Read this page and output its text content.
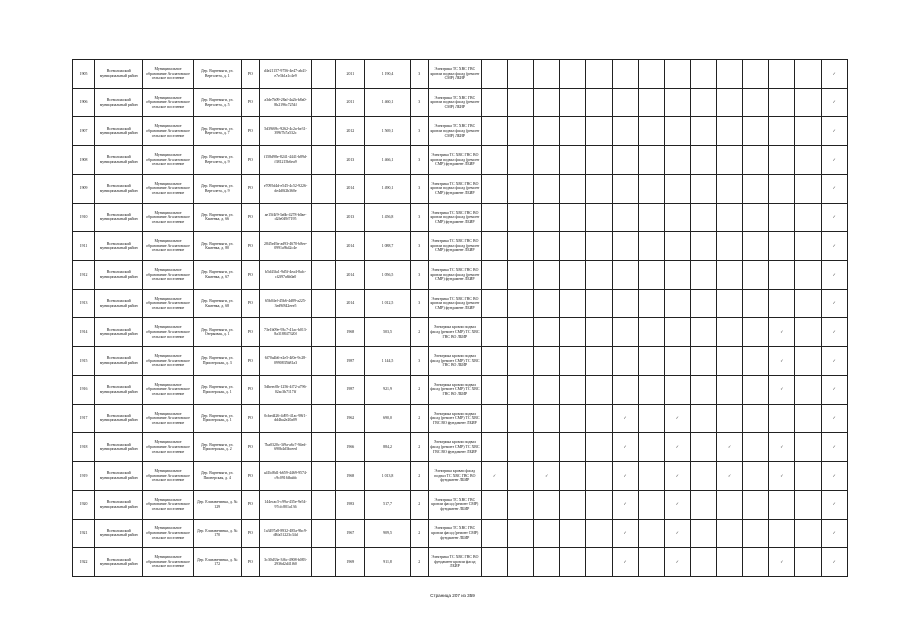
1905	Всеволожский муниципальный район	Муниципальное образование Агалатовское сельское поселение	Дер. Вартемяги, ул. Вертолета, д. 1	РО	d4e21157-9756-4e47-ab41-e7e3b1a1c4e9		2011	1 190,4	3	Электрика ТС ХВС ГВС кровли подвал фасад (ремонт СМР) ЛБИР														✓
1906	Всеволожский муниципальный район	Муниципальное образование Агалатовское сельское поселение	Дер. Вартемяги, ул. Вертолета, д. 5	РО	a3de7b09-28af-4a2b-b8a0-8b2196c7254f		2011	1 460,1	3	Электрика ТС ХВС ГВС кровли подвал фасад (ремонт СМР) ЛБИР														✓
1907	Всеволожский муниципальный район	Муниципальное образование Агалатовское сельское поселение	Дер. Вартемяги, ул. Вертолета, д. 7	РО	5d39f69c-9262-4c2a-be31-399f7b7a532c		2012	1 569,1	3	Электрика ТС ХВС ГВС кровли подвал фасад (ремонт СМР) ЛБИР														✓
1908	Всеволожский муниципальный район	Муниципальное образование Агалатовское сельское поселение	Дер. Вартемяги, ул. Вертолета, д. 9	РО	f158d98e-8241-4441-b89d-f381215b6ea9		2013	1 466,1	3	Электрика ТС ХВС ГВС ВО кровли подвал фасад (ремонт СМР) фундамент ЛБИР														✓
1909	Всеволожский муниципальный район	Муниципальное образование Агалатовское сельское поселение	Дер. Вартемяги, ул. Вертолета, д. 9	РО	e7095d4d-e545-4c52-9226-de4d0f2b360e		2014	1 490,1	3	Электрика ТС ХВС ГВС ВО кровли подвал фасад (ремонт СМР) фундамент ЛБИР														✓
1910	Всеволожский муниципальный район	Муниципальное образование Агалатовское сельское поселение	Дер. Вартемяги, ул. Каменка, д. 66	РО	ae15f4f9-3a6b-4278-b0ae-d2fe049f7195		2013	1 456,8	3	Электрика ТС ХВС ГВС ВО кровли подвал фасад (ремонт СМР) фундамент ЛБИР														✓
1911	Всеволожский муниципальный район	Муниципальное образование Агалатовское сельское поселение	Дер. Вартемяги, ул. Каменка, д. 80	РО	2845e49a-ad93-4670-b8ee-0991a9b42c4e		2014	1 088,7	3	Электрика ТС ХВС ГВС ВО кровли подвал фасад (ремонт СМР) фундамент ЛБИР														✓
1912	Всеволожский муниципальный район	Муниципальное образование Агалатовское сельское поселение	Дер. Вартемяги, ул. Каменка, д. 67	РО	b5d43fa1-9d5f-4ea4-8afc-cf2f97a6b0a0		2014	1 056,5	3	Электрика ТС ХВС ГВС ВО кровли подвал фасад (ремонт СМР) фундамент ЛБИР														✓
1913	Всеволожский муниципальный район	Муниципальное образование Агалатовское сельское поселение	Дер. Вартемяги, ул. Каменка, д. 68	РО	65b04ef-45b6-4d89-a225-3ed9f842eee5		2014	1 012,5	3	Электрика ТС ХВС ГВС ВО кровли подвал фасад (ремонт СМР) фундамент ЛБИР														✓
1914	Всеволожский муниципальный район	Муниципальное образование Агалатовское сельское поселение	Дер. Вартемяги, ул. Озерковая, д. 1	РО	73e1b09e-93c7-41ac-b013-8a318847320f		1968	503,5	2	Электрика кровли подвал фасад (ремонт СМР) ТС ХВС ГВС ВО ЛБИР												✓		✓
1915	Всеволожский муниципальный район	Муниципальное образование Агалатовское сельское поселение	Дер. Вартемяги, ул. Приозерская, д. 3	РО	6f70a4b6-e2e5-4f0e-9c28-0990835b81a3		1987	1 144,5	3	Электрика кровли подвал фасад (ремонт СМР) ТС ХВС ГВС ВО ЛБИР												✓		✓
1916	Всеволожский муниципальный район	Муниципальное образование Агалатовское сельское поселение	Дер. Вартемяги, ул. Приозерская, д. 1	РО	5dbeec0b-1256-4f72-a796-02ac3b7117ff		1987	921,9	2	Электрика кровли подвал фасад (ремонт СМР) ТС ХВС ГВС ВО ЛБИР												✓		✓
1917	Всеволожский муниципальный район	Муниципальное образование Агалатовское сельское поселение	Дер. Вартемяги, ул. Приозерская, д. 1	РО	0cbed426-4d95-41ac-98f1-dd4ba2e20a09		1962	690,0	2	Электрика кровли подвал фасад (ремонт СМР) ТС ХВС ГВС ВО фундамент ЛБИР						✓		✓						✓
1918	Всеволожский муниципальный район	Муниципальное образование Агалатовское сельское поселение	Дер. Вартемяги, ул. Приозерская, д. 2	РО	7ba0320c-3f9a-a6c7-94ed-690b4d3bceed		1966	884,2	2	Электрика кровли подвал фасад (ремонт СМР) ТС ХВС ГВС ВО фундамент ЛБИР						✓		✓		✓		✓		✓
1919	Всеволожский муниципальный район	Муниципальное образование Агалатовское сельское поселение	Дер. Вартемяги, ул. Пионерская, д. 4	РО	a41bf8d1-b659-4469-9574-c9c0916fbabb		1968	1 013,8	2	Электрика кровли фасад подвал ТС ХВС ГВС ВО фундамент ЛБИР	✓		✓			✓		✓		✓		✓		✓
1920	Всеволожский муниципальный район	Муниципальное образование Агалатовское сельское поселение	Дер. Елизаветинка, д. № 129	РО	144ecac5-c99a-435e-9e54-97cfc801a136		1983	517,7	2	Электрика ТС ХВС ГВС кровли фасад (ремонт СМР) фундамент ЛБИР						✓		✓						✓
1921	Всеволожский муниципальный район	Муниципальное образование Агалатовское сельское поселение	Дер. Елизаветинка, д. № 170	РО	1a3497a8-8932-485a-9bc9-d8fa51223c34d		1967	909,5	2	Электрика ТС ХВС ГВС кровли фасад (ремонт СМР) фундамент ЛБИР						✓		✓						✓
1922	Всеволожский муниципальный район	Муниципальное образование Агалатовское сельское поселение	Дер. Елизаветинка, д. № 172	РО	3c30d33e-3f6c-4908-b083-2936d2d41f60		1969	911,8	2	Электрика ТС ХВС ГВС ВО фундамент кровли фасад ЛБИР						✓		✓				✓		✓
Страница 207 из 359
